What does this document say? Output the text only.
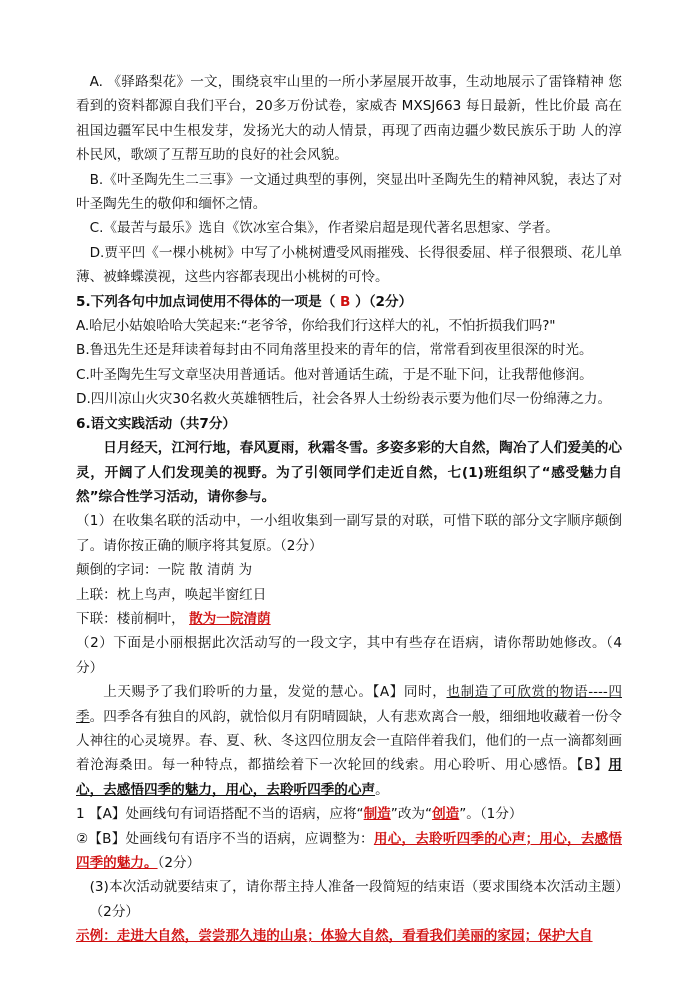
A. 《驿路梨花》一文，围绕哀牢山里的一所小茅屋展开故事，生动地展示了雷锋精神 您看到的资料都源自我们平台，20多万份试卷，家威杏 MXSJ663 每日最新，性比价最 高在祖国边疆军民中生根发芽，发扬光大的动人情景，再现了西南边疆少数民族乐于助 人的淳朴民风，歌颂了互帮互助的良好的社会风貌。

B.《叶圣陶先生二三事》一文通过典型的事例，突显出叶圣陶先生的精神风貌，表达了对叶圣陶先生的敬仰和缅怀之情。

C.《最苦与最乐》选自《饮冰室合集》，作者梁启超是现代著名思想家、学者。

D.贾平凹《一棵小桃树》中写了小桃树遭受风雨摧残、长得很委屈、样子很猥琐、花儿单薄、被蜂蝶漠视，这些内容都表现出小桃树的可怜。

5.下列各句中加点词使用不得体的一项是（ B ）（2分）

A.哈尼小姑娘哈哈大笑起来:“老爷爷，你给我们行这样大的礼，不怕折损我们吗?"

B.鲁迅先生还是拜读着每封由不同角落里投来的青年的信，常常看到夜里很深的时光。

C.叶圣陶先生写文章坚决用普通话。他对普通话生疏，于是不耻下问，让我帮他修润。

D.四川凉山火灾30名救火英雄牺牲后，社会各界人士纷纷表示要为他们尽一份绵薄之力。

6.语文实践活动（共7分）

日月经天，江河行地，春风夏雨，秋霜冬雪。多姿多彩的大自然，陶冶了人们爱美的心灵，开阔了人们发现美的视野。为了引领同学们走近自然，七(1)班组织了“感受魅力自然”综合性学习活动，请你参与。

（1）在收集名联的活动中，一小组收集到一副写景的对联，可惜下联的部分文字顺序颠倒了。请你按正确的顺序将其复原。（2分）

颠倒的字词：一院 散 清荫 为

上联：枕上鸟声，唤起半窗红日

下联：楼前桐叶， 散为一院清荫

（2）下面是小丽根据此次活动写的一段文字，其中有些存在语病，请你帮助她修改。（4分）

上天赐予了我们聆听的力量，发觉的慧心。【A】同时，也制造了可欣赏的物语----四季。四季各有独自的风韵，就恰似月有阴晴圆缺，人有悲欢离合一般，细细地收藏着一份令人神往的心灵境界。春、夏、秋、冬这四位朋友会一直陪伴着我们，他们的一点一滴都刻画着沧海桑田。每一种特点，都描绘着下一次轮回的线索。用心聆听、用心感悟。【B】用心，去感悟四季的魅力，用心，去聆听四季的心声。

1 【A】处画线句有词语搭配不当的语病，应将“制造”改为“创造”。（1分）

②【B】处画线句有语序不当的语病，应调整为：用心，去聆听四季的心声；用心，去感悟四季的魅力。（2分）

(3)本次活动就要结束了，请你帮主持人准备一段简短的结束语（要求围绕本次活动主题）（2分）

示例：走进大自然，尝尝那久违的山泉；体验大自然，看看我们美丽的家园；保护大自
